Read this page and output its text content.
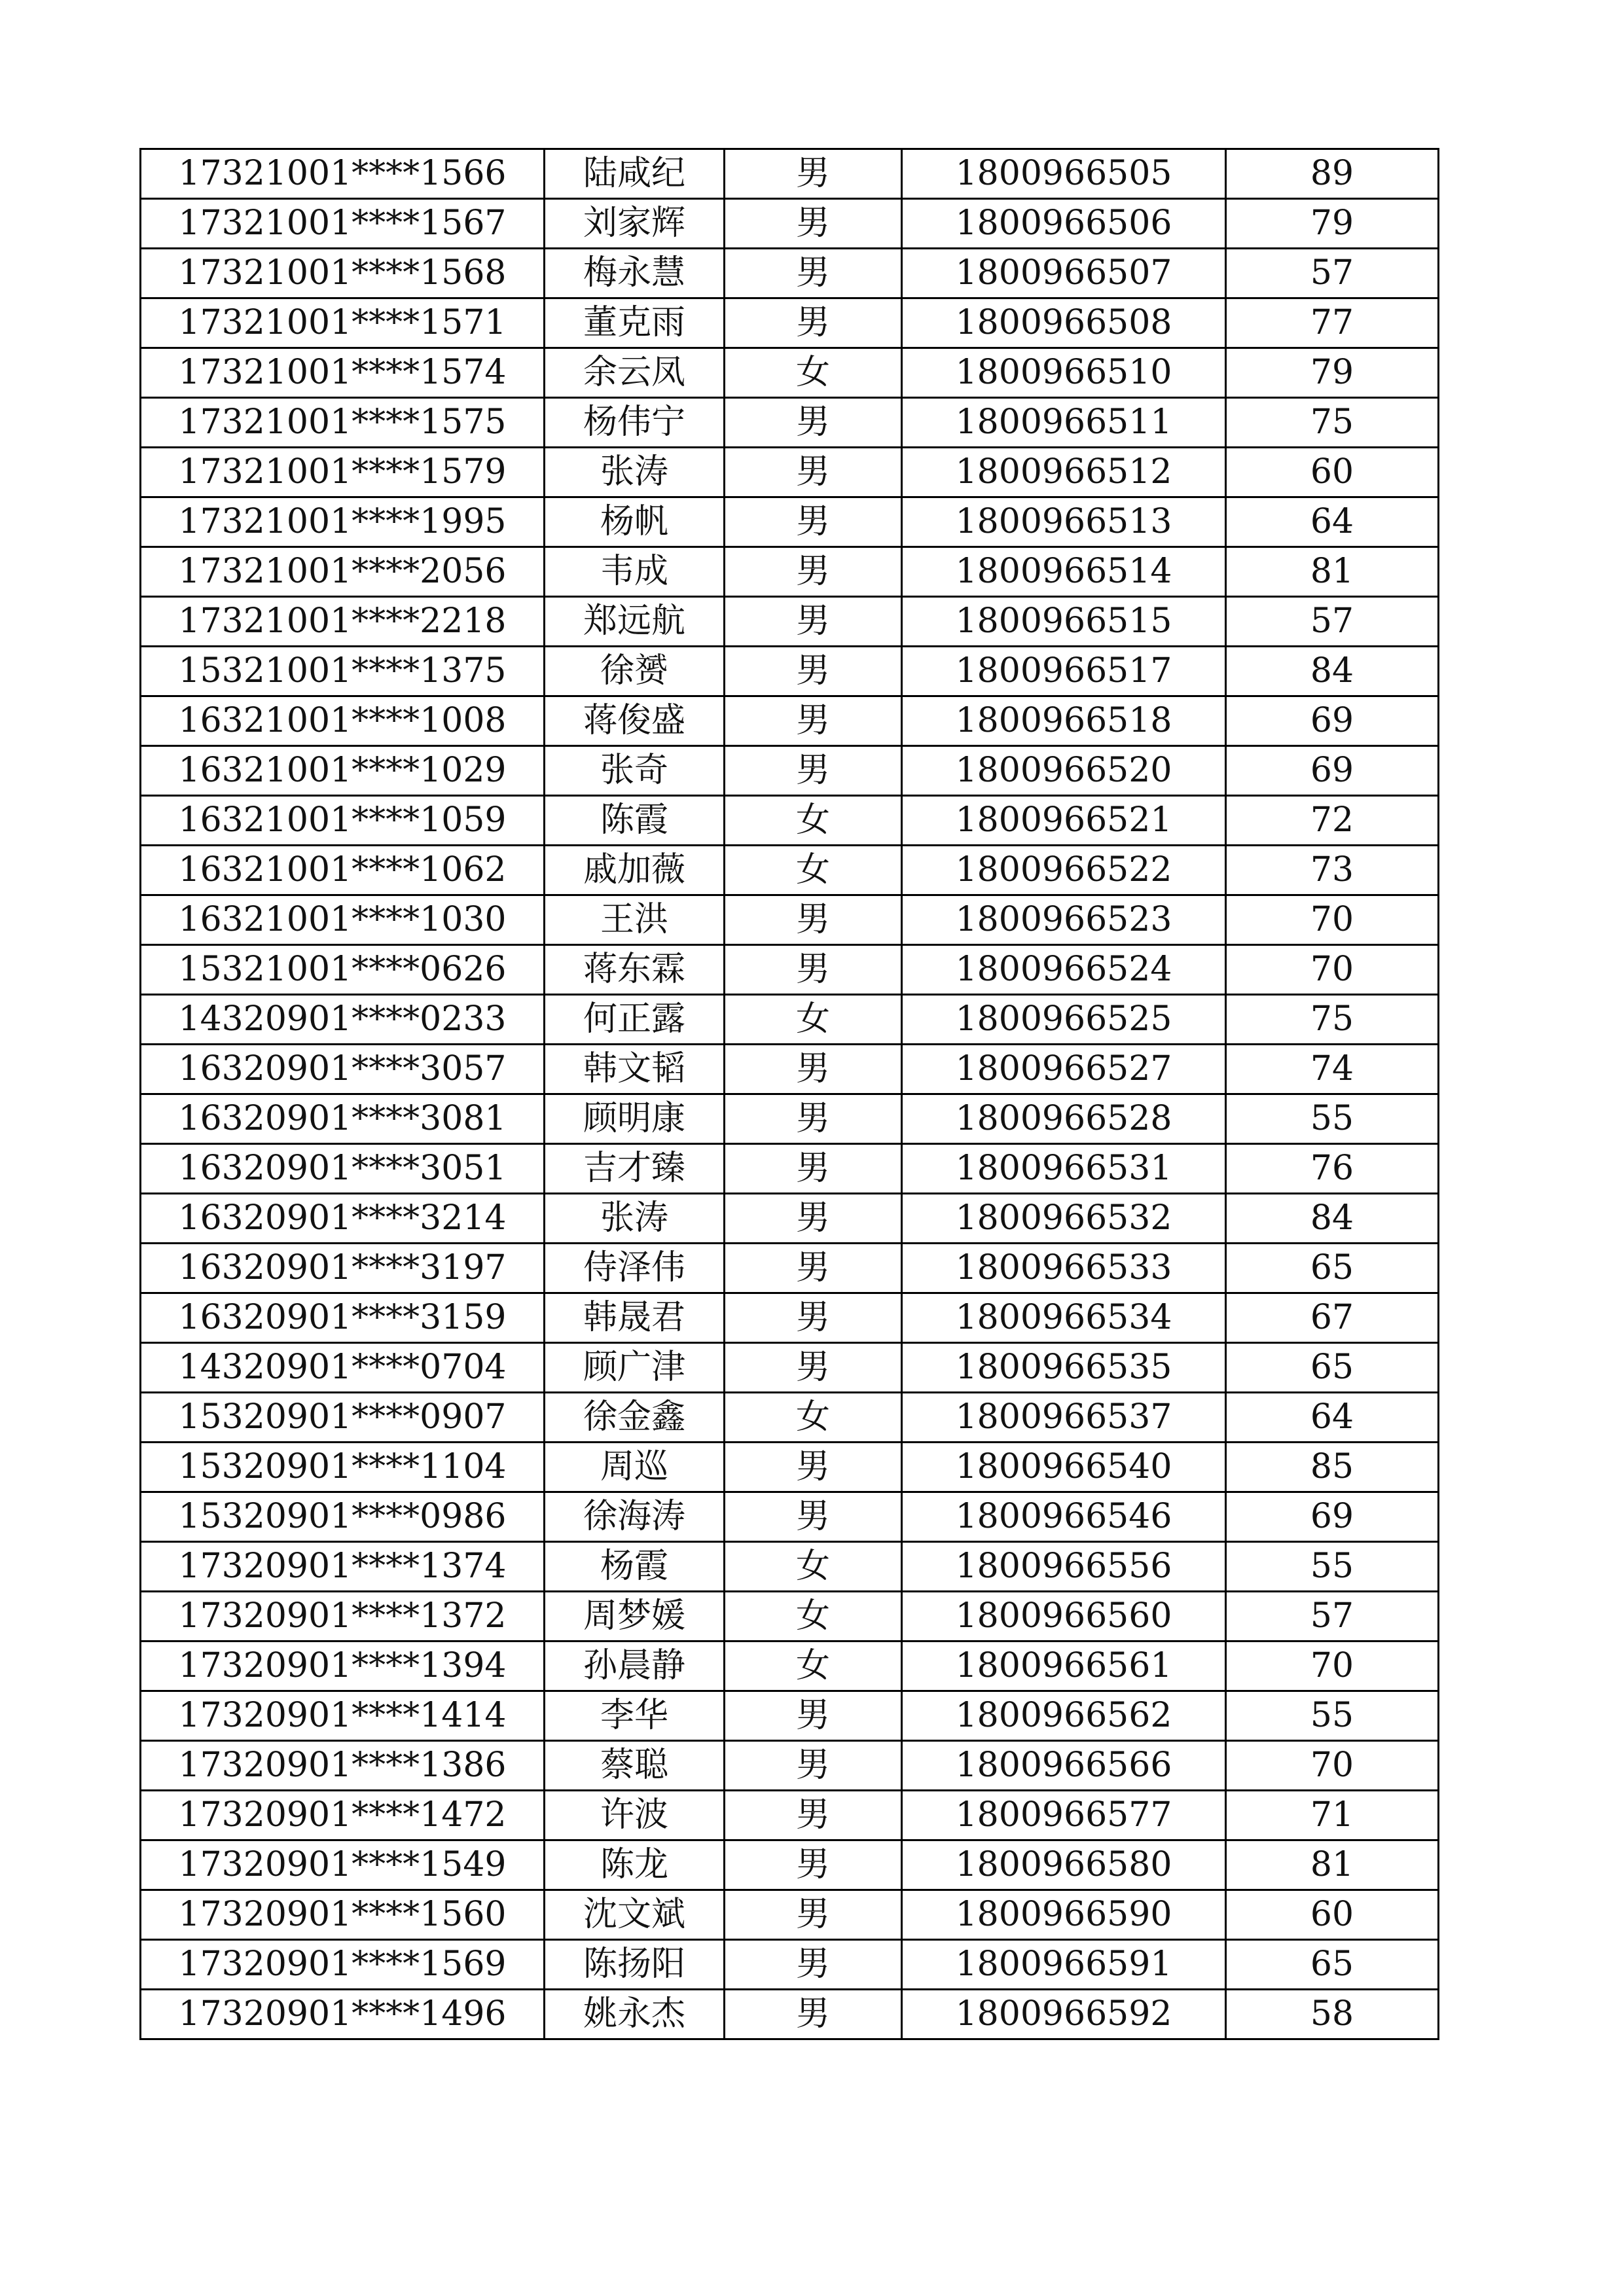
17321001****1566	陆咸纪	男	1800966505	89
17321001****1567	刘家辉	男	1800966506	79
17321001****1568	梅永慧	男	1800966507	57
17321001****1571	董克雨	男	1800966508	77
17321001****1574	余云凤	女	1800966510	79
17321001****1575	杨伟宁	男	1800966511	75
17321001****1579	张涛	男	1800966512	60
17321001****1995	杨帆	男	1800966513	64
17321001****2056	韦成	男	1800966514	81
17321001****2218	郑远航	男	1800966515	57
15321001****1375	徐赟	男	1800966517	84
16321001****1008	蒋俊盛	男	1800966518	69
16321001****1029	张奇	男	1800966520	69
16321001****1059	陈霞	女	1800966521	72
16321001****1062	戚加薇	女	1800966522	73
16321001****1030	王洪	男	1800966523	70
15321001****0626	蒋东霖	男	1800966524	70
14320901****0233	何正露	女	1800966525	75
16320901****3057	韩文韬	男	1800966527	74
16320901****3081	顾明康	男	1800966528	55
16320901****3051	吉才臻	男	1800966531	76
16320901****3214	张涛	男	1800966532	84
16320901****3197	侍泽伟	男	1800966533	65
16320901****3159	韩晟君	男	1800966534	67
14320901****0704	顾广津	男	1800966535	65
15320901****0907	徐金鑫	女	1800966537	64
15320901****1104	周巡	男	1800966540	85
15320901****0986	徐海涛	男	1800966546	69
17320901****1374	杨霞	女	1800966556	55
17320901****1372	周梦媛	女	1800966560	57
17320901****1394	孙晨静	女	1800966561	70
17320901****1414	李华	男	1800966562	55
17320901****1386	蔡聪	男	1800966566	70
17320901****1472	许波	男	1800966577	71
17320901****1549	陈龙	男	1800966580	81
17320901****1560	沈文斌	男	1800966590	60
17320901****1569	陈扬阳	男	1800966591	65
17320901****1496	姚永杰	男	1800966592	58
